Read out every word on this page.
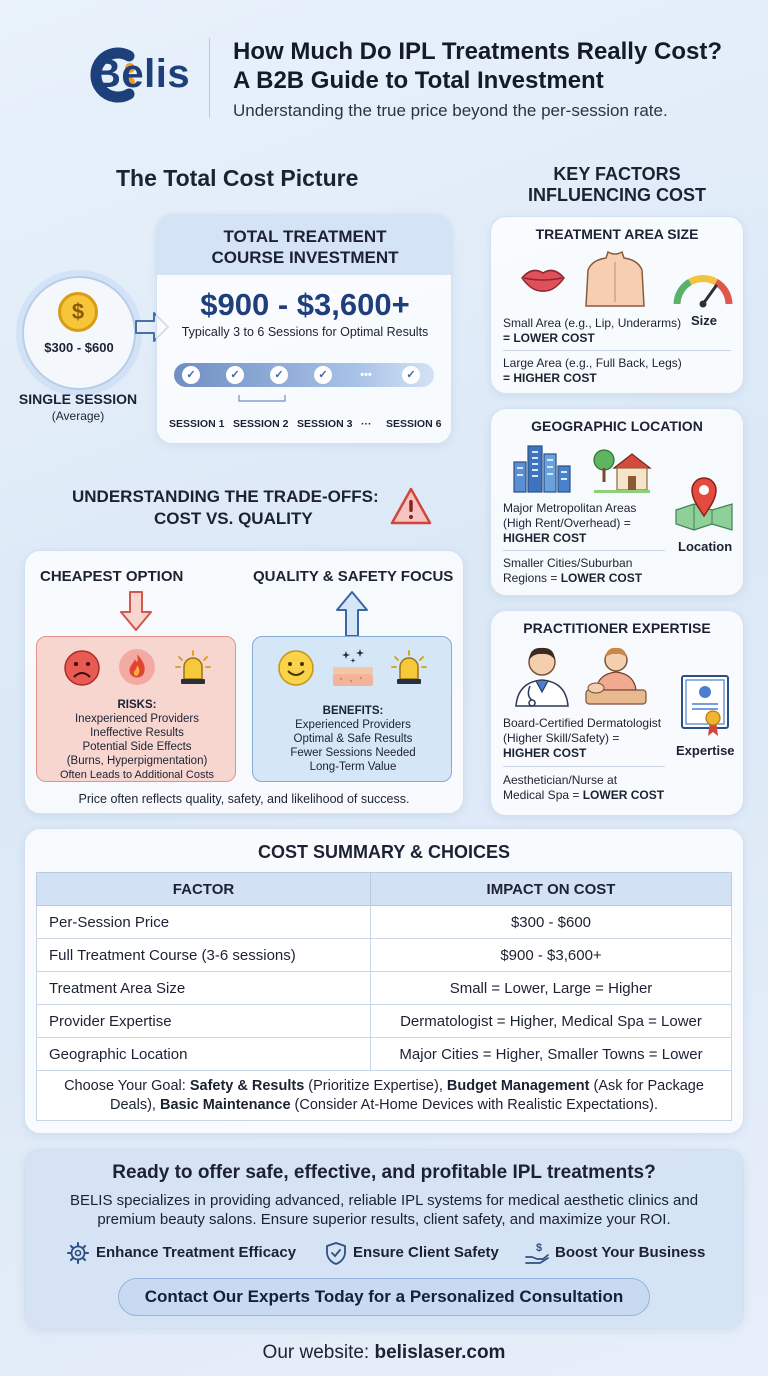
Belis
How Much Do IPL Treatments Really Cost?
A B2B Guide to Total Investment
Understanding the true price beyond the per-session rate.
The Total Cost Picture
$
$300 - $600
SINGLE SESSION
(Average)
TOTAL TREATMENT
COURSE INVESTMENT
$900 - $3,600+
Typically 3 to 6 Sessions for Optimal Results
✓	✓	✓	✓	•••	✓
SESSION 1 SESSION 2 SESSION 3 ··· SESSION 6
UNDERSTANDING THE TRADE-OFFS:
COST VS. QUALITY
CHEAPEST OPTION	QUALITY & SAFETY FOCUS
RISKS:
Inexperienced Providers
Ineffective Results
Potential Side Effects
(Burns, Hyperpigmentation)
Often Leads to Additional Costs
BENEFITS:
Experienced Providers
Optimal & Safe Results
Fewer Sessions Needed
Long-Term Value
Price often reflects quality, safety, and likelihood of success.
KEY FACTORS
INFLUENCING COST
TREATMENT AREA SIZE
Size
Small Area (e.g., Lip, Underarms)
= LOWER COST
Large Area (e.g., Full Back, Legs)
= HIGHER COST
GEOGRAPHIC LOCATION
Location
Major Metropolitan Areas
(High Rent/Overhead) =
HIGHER COST
Smaller Cities/Suburban
Regions = LOWER COST
PRACTITIONER EXPERTISE
Expertise
Board-Certified Dermatologist
(Higher Skill/Safety) =
HIGHER COST
Aesthetician/Nurse at
Medical Spa = LOWER COST
COST SUMMARY & CHOICES
FACTOR	IMPACT ON COST
Per-Session Price	$300 - $600
Full Treatment Course (3-6 sessions)	$900 - $3,600+
Treatment Area Size	Small = Lower, Large = Higher
Provider Expertise	Dermatologist = Higher, Medical Spa = Lower
Geographic Location	Major Cities = Higher, Smaller Towns = Lower
Choose Your Goal: Safety & Results (Prioritize Expertise), Budget Management (Ask for Package
Deals), Basic Maintenance (Consider At-Home Devices with Realistic Expectations).
Ready to offer safe, effective, and profitable IPL treatments?
BELIS specializes in providing advanced, reliable IPL systems for medical aesthetic clinics and
premium beauty salons. Ensure superior results, client safety, and maximize your ROI.
Enhance Treatment Efficacy	Ensure Client Safety	$ Boost Your Business
Contact Our Experts Today for a Personalized Consultation
Our website: belislaser.com
